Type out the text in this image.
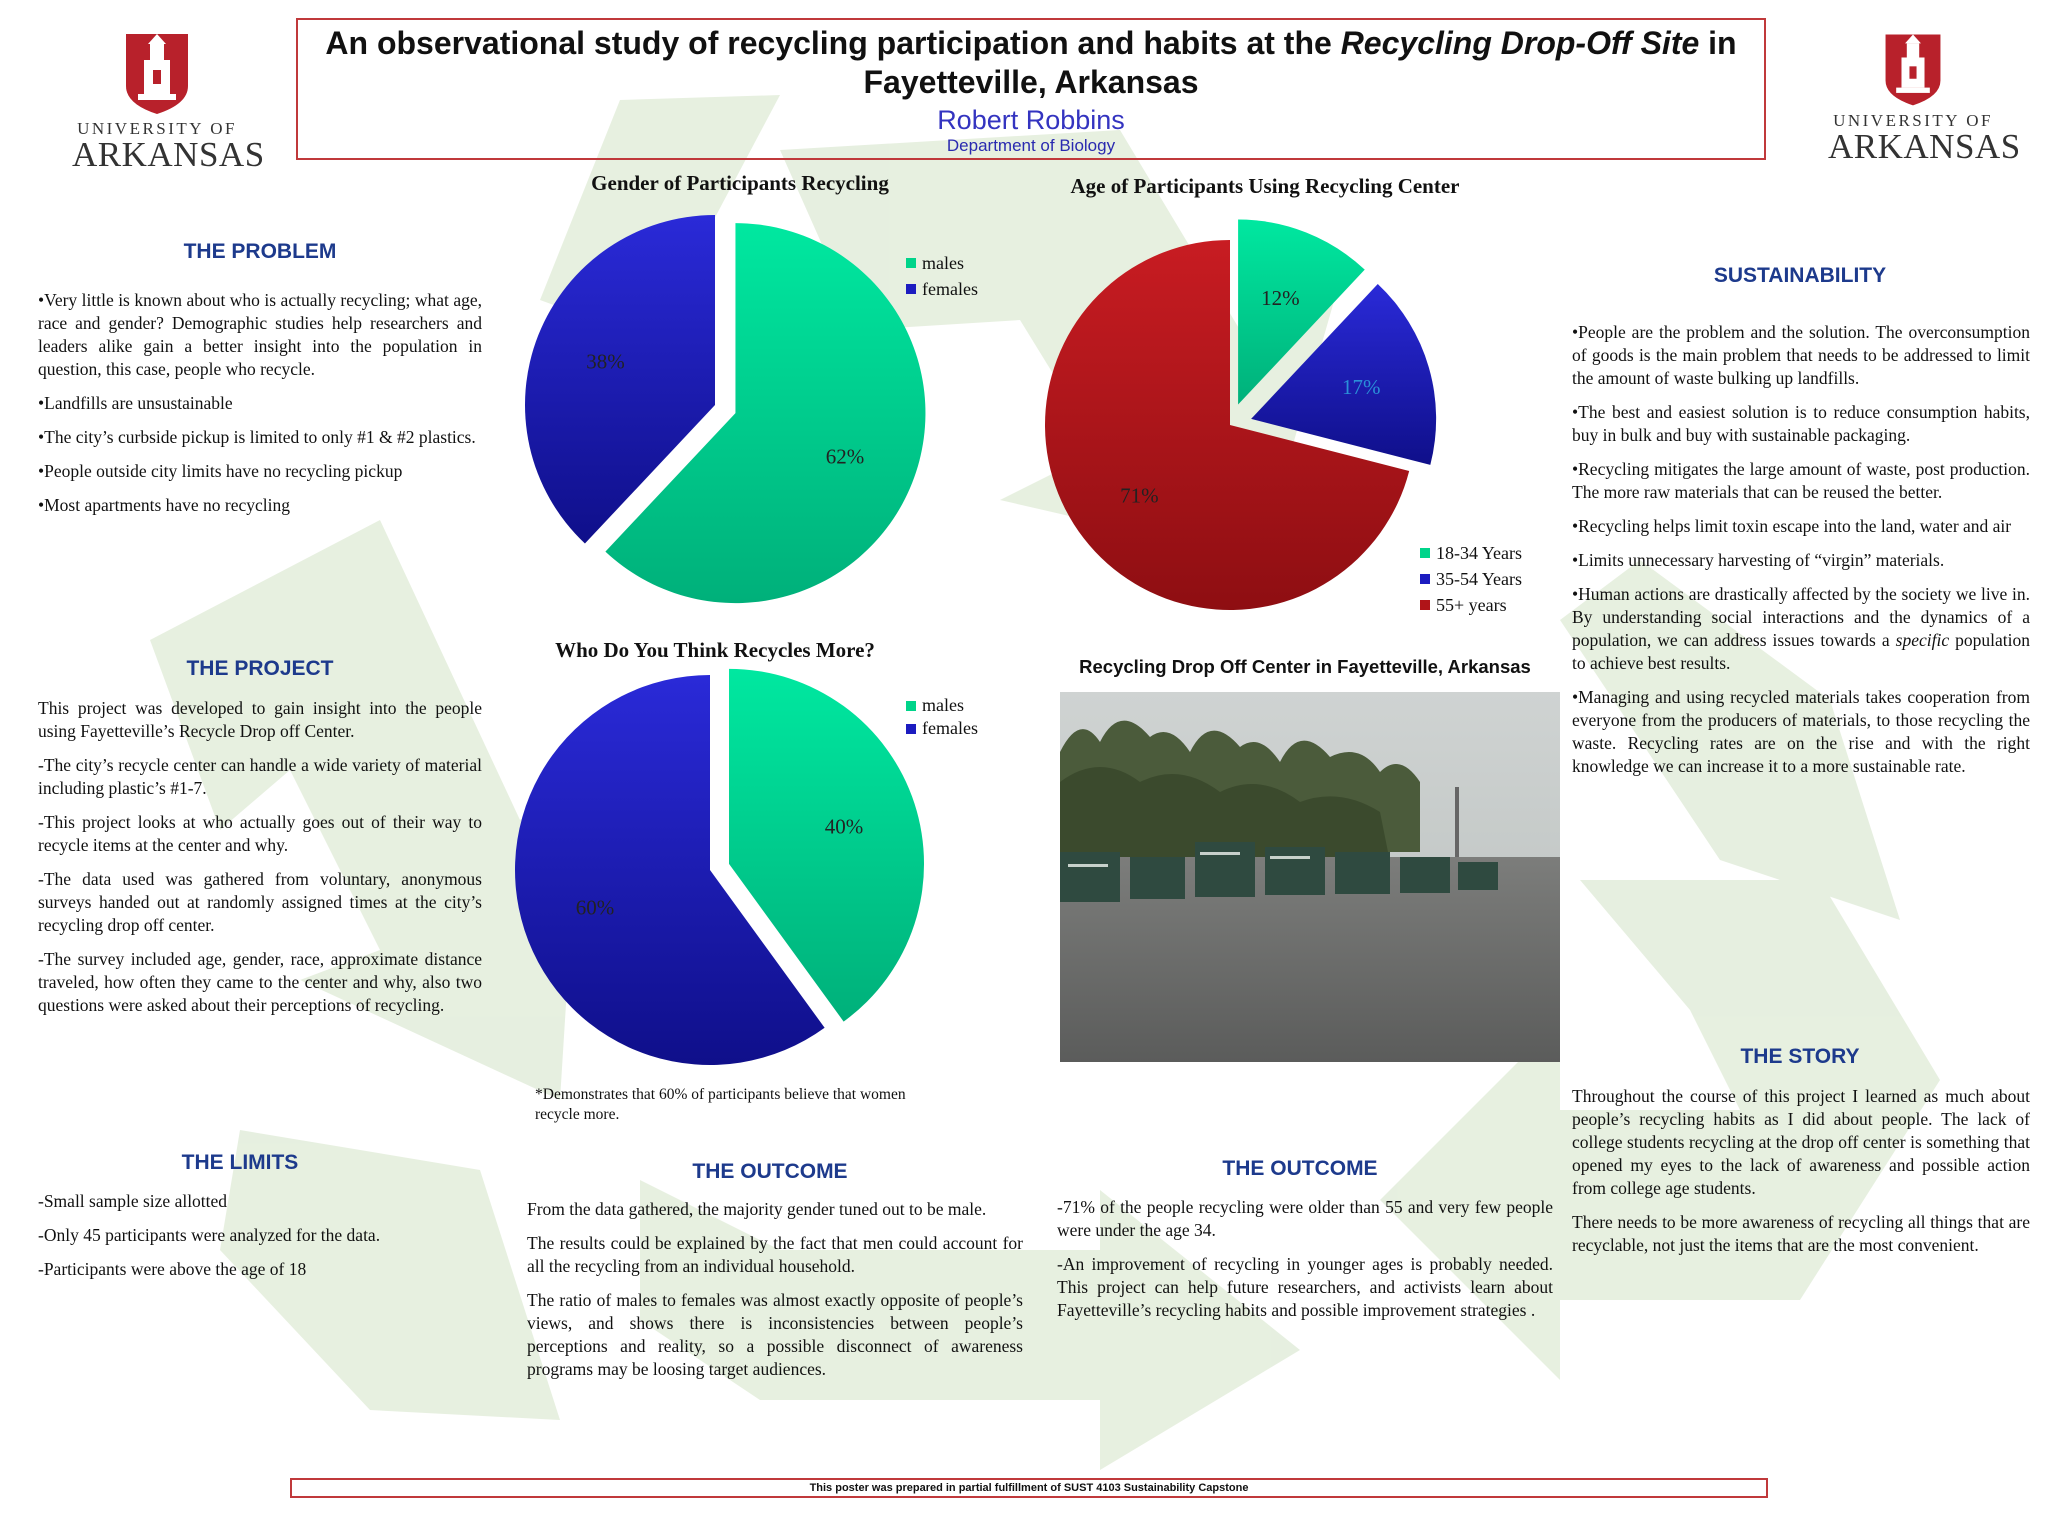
UNIVERSITY OF
ARKANSAS
UNIVERSITY OF
ARKANSAS
An observational study of recycling participation and habits at the Recycling Drop-Off Site in Fayetteville, Arkansas
Robert Robbins
Department of Biology
THE PROBLEM

•Very little is known about who is actually recycling; what age, race and gender? Demographic studies help researchers and leaders alike gain a better insight into the population in question, this case, people who recycle.

•Landfills are unsustainable

•The city’s curbside pickup is limited to only #1 & #2 plastics.

•People outside city limits have no recycling pickup

•Most apartments have no recycling

THE PROJECT

This project was developed to gain insight into the people using Fayetteville’s Recycle Drop off Center.

-The city’s recycle center can handle a wide variety of material including plastic’s #1-7.

-This project looks at who actually goes out of their way to recycle items at the center and why.

-The data used was gathered from voluntary, anonymous surveys handed out at randomly assigned times at the city’s recycling drop off center.

-The survey included age, gender, race, approximate distance traveled, how often they came to the center and why, also two questions were asked about their perceptions of recycling.

THE LIMITS

-Small sample size allotted

-Only 45 participants were analyzed for the data.

-Participants were above the age of 18

Gender of Participants Recycling
62%
38%
males
females
Age of Participants Using Recycling Center
12%
17%
71%
18-34 Years
35-54 Years
55+ years
Who Do You Think Recycles More?
40%
60%
males
females
*Demonstrates that 60% of participants believe that women recycle more.
Recycling Drop Off Center in Fayetteville, Arkansas
THE OUTCOME

From the data gathered, the majority gender tuned out to be male.

The results could be explained by the fact that men could account for all the recycling from an individual household.

The ratio of males to females was almost exactly opposite of people’s views, and shows there is inconsistencies between people’s perceptions and reality, so a possible disconnect of awareness programs may be loosing target audiences.

THE OUTCOME

-71% of the people recycling were older than 55 and very few people were under the age 34.

-An improvement of recycling in younger ages is probably needed. This project can help future researchers, and activists learn about Fayetteville’s recycling habits and possible improvement strategies .

SUSTAINABILITY

•People are the problem and the solution. The overconsumption of goods is the main problem that needs to be addressed to limit the amount of waste bulking up landfills.

•The best and easiest solution is to reduce consumption habits, buy in bulk and buy with sustainable packaging.

•Recycling mitigates the large amount of waste, post production. The more raw materials that can be reused the better.

•Recycling helps limit toxin escape into the land, water and air

•Limits unnecessary harvesting of “virgin” materials.

•Human actions are drastically affected by the society we live in. By understanding social interactions and the dynamics of a population, we can address issues towards a specific population to achieve best results.

•Managing and using recycled materials takes cooperation from everyone from the producers of materials, to those recycling the waste. Recycling rates are on the rise and with the right knowledge we can increase it to a more sustainable rate.

THE STORY

Throughout the course of this project I learned as much about people’s recycling habits as I did about people. The lack of college students recycling at the drop off center is something that opened my eyes to the lack of awareness and possible action from college age students.

There needs to be more awareness of recycling all things that are recyclable, not just the items that are the most convenient.

This poster was prepared in partial fulfillment of SUST 4103 Sustainability Capstone
